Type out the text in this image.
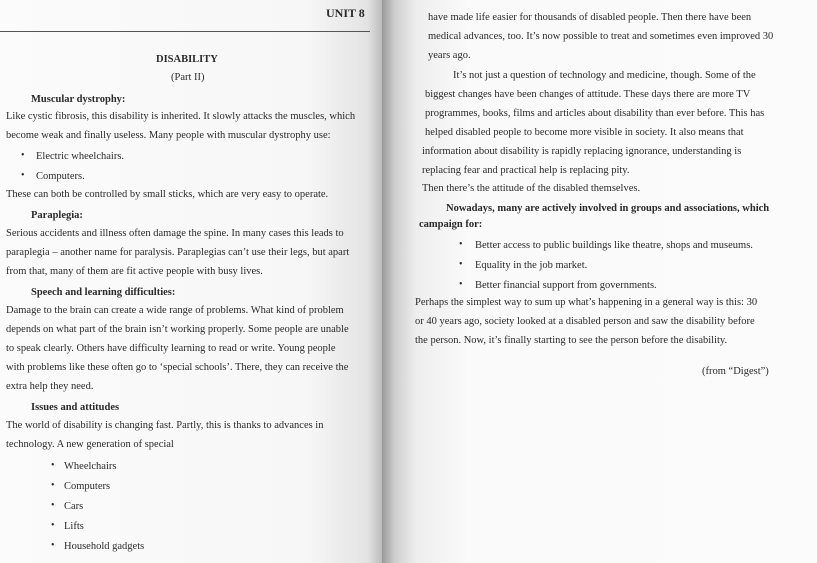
UNIT 8
DISABILITY
(Part II)
Muscular dystrophy:
Like cystic fibrosis, this disability is inherited. It slowly attacks the muscles, which
become weak and finally useless. Many people with muscular dystrophy use:
• Electric wheelchairs.
• Computers.
These can both be controlled by small sticks, which are very easy to operate.
Paraplegia:
Serious accidents and illness often damage the spine. In many cases this leads to
paraplegia – another name for paralysis. Paraplegias can’t use their legs, but apart
from that, many of them are fit active people with busy lives.
Speech and learning difficulties:
Damage to the brain can create a wide range of problems. What kind of problem
depends on what part of the brain isn’t working properly. Some people are unable
to speak clearly. Others have difficulty learning to read or write. Young people
with problems like these often go to ‘special schools’. There, they can receive the
extra help they need.
Issues and attitudes
The world of disability is changing fast. Partly, this is thanks to advances in
technology. A new generation of special
• Wheelchairs
• Computers
• Cars
• Lifts
• Household gadgets
have made life easier for thousands of disabled people. Then there have been
medical advances, too. It’s now possible to treat and sometimes even improved 30
years ago.
It’s not just a question of technology and medicine, though. Some of the
biggest changes have been changes of attitude. These days there are more TV
programmes, books, films and articles about disability than ever before. This has
helped disabled people to become more visible in society. It also means that
information about disability is rapidly replacing ignorance, understanding is
replacing fear and practical help is replacing pity.
Then there’s the attitude of the disabled themselves.
Nowadays, many are actively involved in groups and associations, which
campaign for:
• Better access to public buildings like theatre, shops and museums.
• Equality in the job market.
• Better financial support from governments.
Perhaps the simplest way to sum up what’s happening in a general way is this: 30
or 40 years ago, society looked at a disabled person and saw the disability before
the person. Now, it’s finally starting to see the person before the disability.
(from “Digest”)
